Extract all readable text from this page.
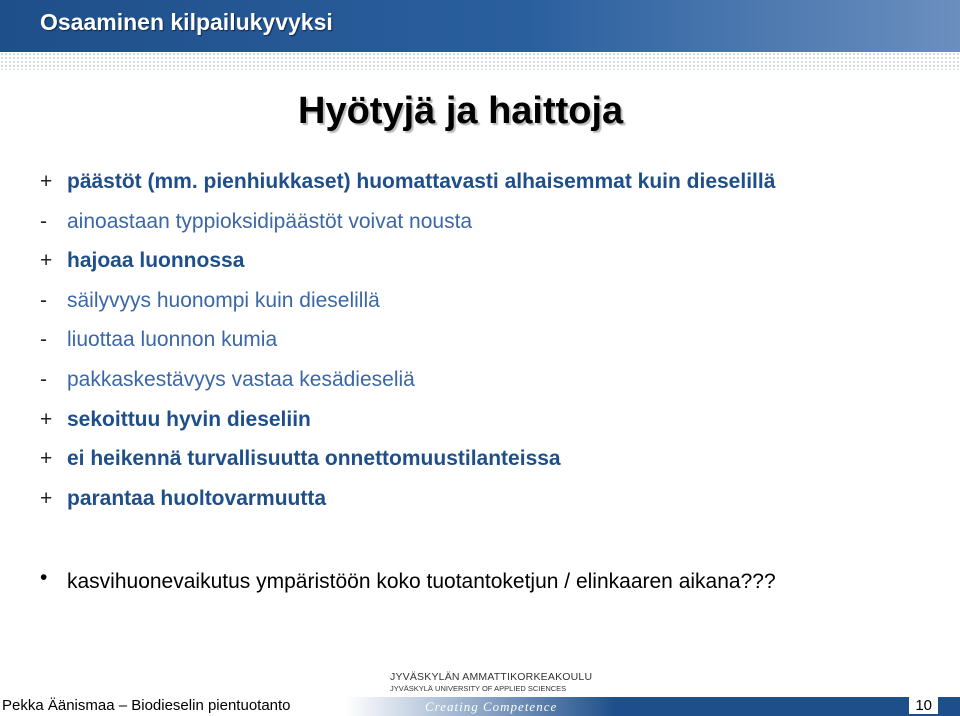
Osaaminen kilpailukyvyksi
Hyötyjä ja haittoja
+ päästöt (mm. pienhiukkaset) huomattavasti alhaisemmat kuin dieselillä
- ainoastaan typpioksidipäästöt voivat nousta
+ hajoaa luonnossa
- säilyvyys huonompi kuin dieselillä
- liuottaa luonnon kumia
- pakkaskestävyys vastaa kesädieseliä
+ sekoittuu hyvin dieseliin
+ ei heikennä turvallisuutta onnettomuustilanteissa
+ parantaa huoltovarmuutta
• kasvihuonevaikutus ympäristöön koko tuotantoketjun / elinkaaren aikana???
JYVÄSKYLÄN AMMATTIKORKEAKOULU
JYVÄSKYLÄ UNIVERSITY OF APPLIED SCIENCES
Pekka Äänismaa – Biodieselin pientuotanto	Creating Competence	10
